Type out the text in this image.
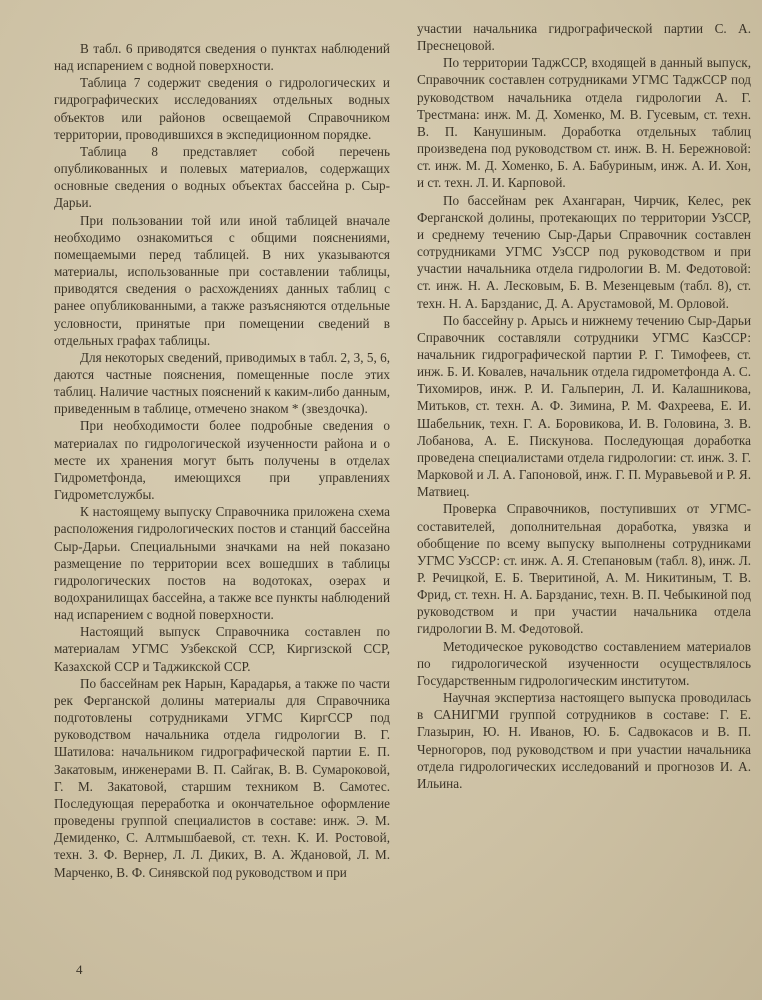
В табл. 6 приводятся сведения о пунктах наблюдений над испарением с водной поверхности.

Таблица 7 содержит сведения о гидрологических и гидрографических исследованиях отдельных водных объектов или районов освещаемой Справочником территории, проводившихся в экспедиционном порядке.

Таблица 8 представляет собой перечень опубликованных и полевых материалов, содержащих основные сведения о водных объектах бассейна р. Сыр-Дарьи.

При пользовании той или иной таблицей вначале необходимо ознакомиться с общими пояснениями, помещаемыми перед таблицей. В них указываются материалы, использованные при составлении таблицы, приводятся сведения о расхождениях данных таблиц с ранее опубликованными, а также разъясняются отдельные условности, принятые при помещении сведений в отдельных графах таблицы.

Для некоторых сведений, приводимых в табл. 2, 3, 5, 6, даются частные пояснения, помещенные после этих таблиц. Наличие частных пояснений к каким-либо данным, приведенным в таблице, отмечено знаком * (звездочка).

При необходимости более подробные сведения о материалах по гидрологической изученности района и о месте их хранения могут быть получены в отделах Гидрометфонда, имеющихся при управлениях Гидрометслужбы.

К настоящему выпуску Справочника приложена схема расположения гидрологических постов и станций бассейна Сыр-Дарьи. Специальными значками на ней показано размещение по территории всех вошедших в таблицы гидрологических постов на водотоках, озерах и водохранилищах бассейна, а также все пункты наблюдений над испарением с водной поверхности.

Настоящий выпуск Справочника составлен по материалам УГМС Узбекской ССР, Киргизской ССР, Казахской ССР и Таджикской ССР.

По бассейнам рек Нарын, Карадарья, а также по части рек Ферганской долины материалы для Справочника подготовлены сотрудниками УГМС КиргССР под руководством начальника отдела гидрологии В. Г. Шатилова: начальником гидрографической партии Е. П. Закатовым, инженерами В. П. Сайгак, В. В. Сумароковой, Г. М. Закатовой, старшим техником В. Самотес. Последующая переработка и окончательное оформление проведены группой специалистов в составе: инж. Э. М. Демиденко, С. Алтмышбаевой, ст. техн. К. И. Ростовой, техн. З. Ф. Вернер, Л. Л. Диких, В. А. Ждановой, Л. М. Марченко, В. Ф. Синявской под руководством и при

участии начальника гидрографической партии С. А. Преснецовой.

По территории ТаджССР, входящей в данный выпуск, Справочник составлен сотрудниками УГМС ТаджССР под руководством начальника отдела гидрологии А. Г. Трестмана: инж. М. Д. Хоменко, М. В. Гусевым, ст. техн. В. П. Канушиным. Доработка отдельных таблиц произведена под руководством ст. инж. В. Н. Бережновой: ст. инж. М. Д. Хоменко, Б. А. Бабуриным, инж. А. И. Хон, и ст. техн. Л. И. Карповой.

По бассейнам рек Ахангаран, Чирчик, Келес, рек Ферганской долины, протекающих по территории УзССР, и среднему течению Сыр-Дарьи Справочник составлен сотрудниками УГМС УзССР под руководством и при участии начальника отдела гидрологии В. М. Федотовой: ст. инж. Н. А. Лесковым, Б. В. Мезенцевым (табл. 8), ст. техн. Н. А. Барзданис, Д. А. Арустамовой, М. Орловой.

По бассейну р. Арысь и нижнему течению Сыр-Дарьи Справочник составляли сотрудники УГМС КазССР: начальник гидрографической партии Р. Г. Тимофеев, ст. инж. Б. И. Ковалев, начальник отдела гидрометфонда А. С. Тихомиров, инж. Р. И. Гальперин, Л. И. Калашникова, Митьков, ст. техн. А. Ф. Зимина, Р. М. Фахреева, Е. И. Шабельник, техн. Г. А. Боровикова, И. В. Головина, З. В. Лобанова, А. Е. Пискунова. Последующая доработка проведена специалистами отдела гидрологии: ст. инж. З. Г. Марковой и Л. А. Гапоновой, инж. Г. П. Муравьевой и Р. Я. Матвиец.

Проверка Справочников, поступивших от УГМС-составителей, дополнительная доработка, увязка и обобщение по всему выпуску выполнены сотрудниками УГМС УзССР: ст. инж. А. Я. Степановым (табл. 8), инж. Л. Р. Речицкой, Е. Б. Тверитиной, А. М. Никитиным, Т. В. Фрид, ст. техн. Н. А. Барзданис, техн. В. П. Чебыкиной под руководством и при участии начальника отдела гидрологии В. М. Федотовой.

Методическое руководство составлением материалов по гидрологической изученности осуществлялось Государственным гидрологическим институтом.

Научная экспертиза настоящего выпуска проводилась в САНИГМИ группой сотрудников в составе: Г. Е. Глазырин, Ю. Н. Иванов, Ю. Б. Садвокасов и В. П. Черногоров, под руководством и при участии начальника отдела гидрологических исследований и прогнозов И. А. Ильина.

4
